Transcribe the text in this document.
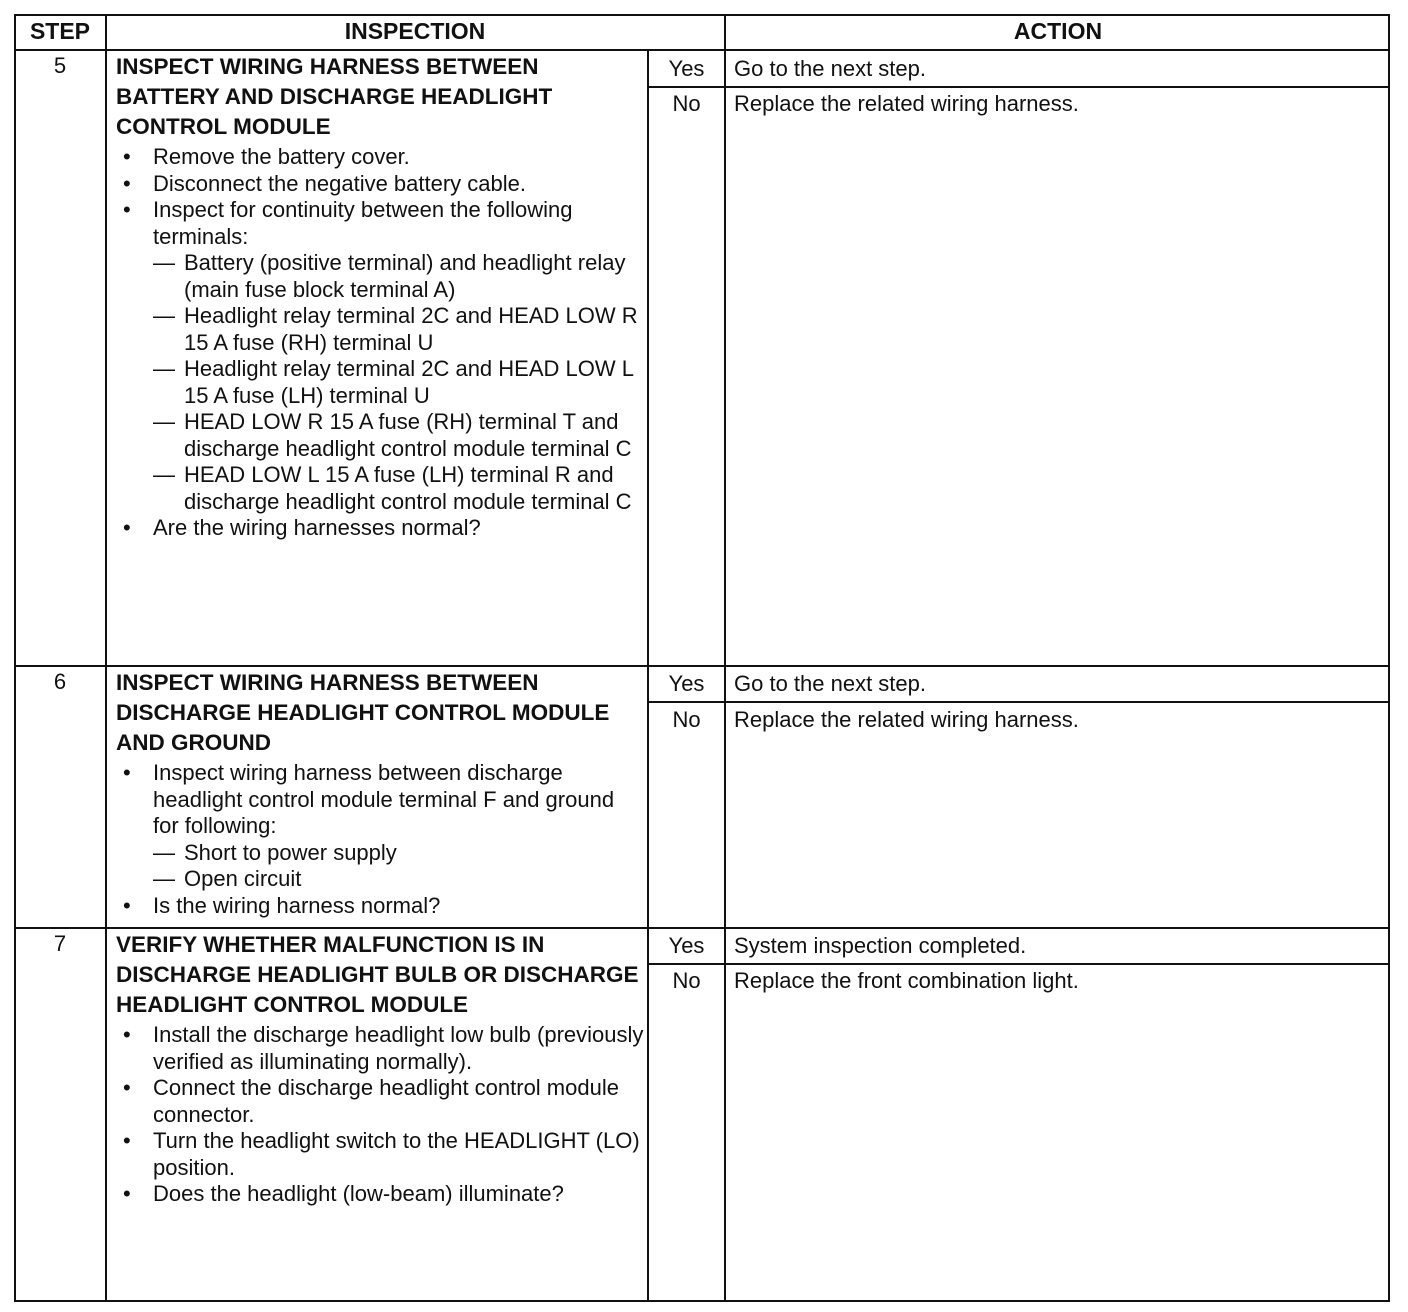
STEP	INSPECTION	ACTION
5	INSPECT WIRING HARNESS BETWEEN BATTERY AND DISCHARGE HEADLIGHT CONTROL MODULE
• Remove the battery cover.
• Disconnect the negative battery cable.
• Inspect for continuity between the following terminals:
— Battery (positive terminal) and headlight relay (main fuse block terminal A)
— Headlight relay terminal 2C and HEAD LOW R 15 A fuse (RH) terminal U
— Headlight relay terminal 2C and HEAD LOW L 15 A fuse (LH) terminal U
— HEAD LOW R 15 A fuse (RH) terminal T and discharge headlight control module terminal C
— HEAD LOW L 15 A fuse (LH) terminal R and discharge headlight control module terminal C
• Are the wiring harnesses normal?
Yes	Go to the next step.
No	Replace the related wiring harness.
6	INSPECT WIRING HARNESS BETWEEN DISCHARGE HEADLIGHT CONTROL MODULE AND GROUND
• Inspect wiring harness between discharge headlight control module terminal F and ground for following:
— Short to power supply
— Open circuit
• Is the wiring harness normal?
Yes	Go to the next step.
No	Replace the related wiring harness.
7	VERIFY WHETHER MALFUNCTION IS IN DISCHARGE HEADLIGHT BULB OR DISCHARGE HEADLIGHT CONTROL MODULE
• Install the discharge headlight low bulb (previously verified as illuminating normally).
• Connect the discharge headlight control module connector.
• Turn the headlight switch to the HEADLIGHT (LO) position.
• Does the headlight (low-beam) illuminate?
Yes	System inspection completed.
No	Replace the front combination light.
